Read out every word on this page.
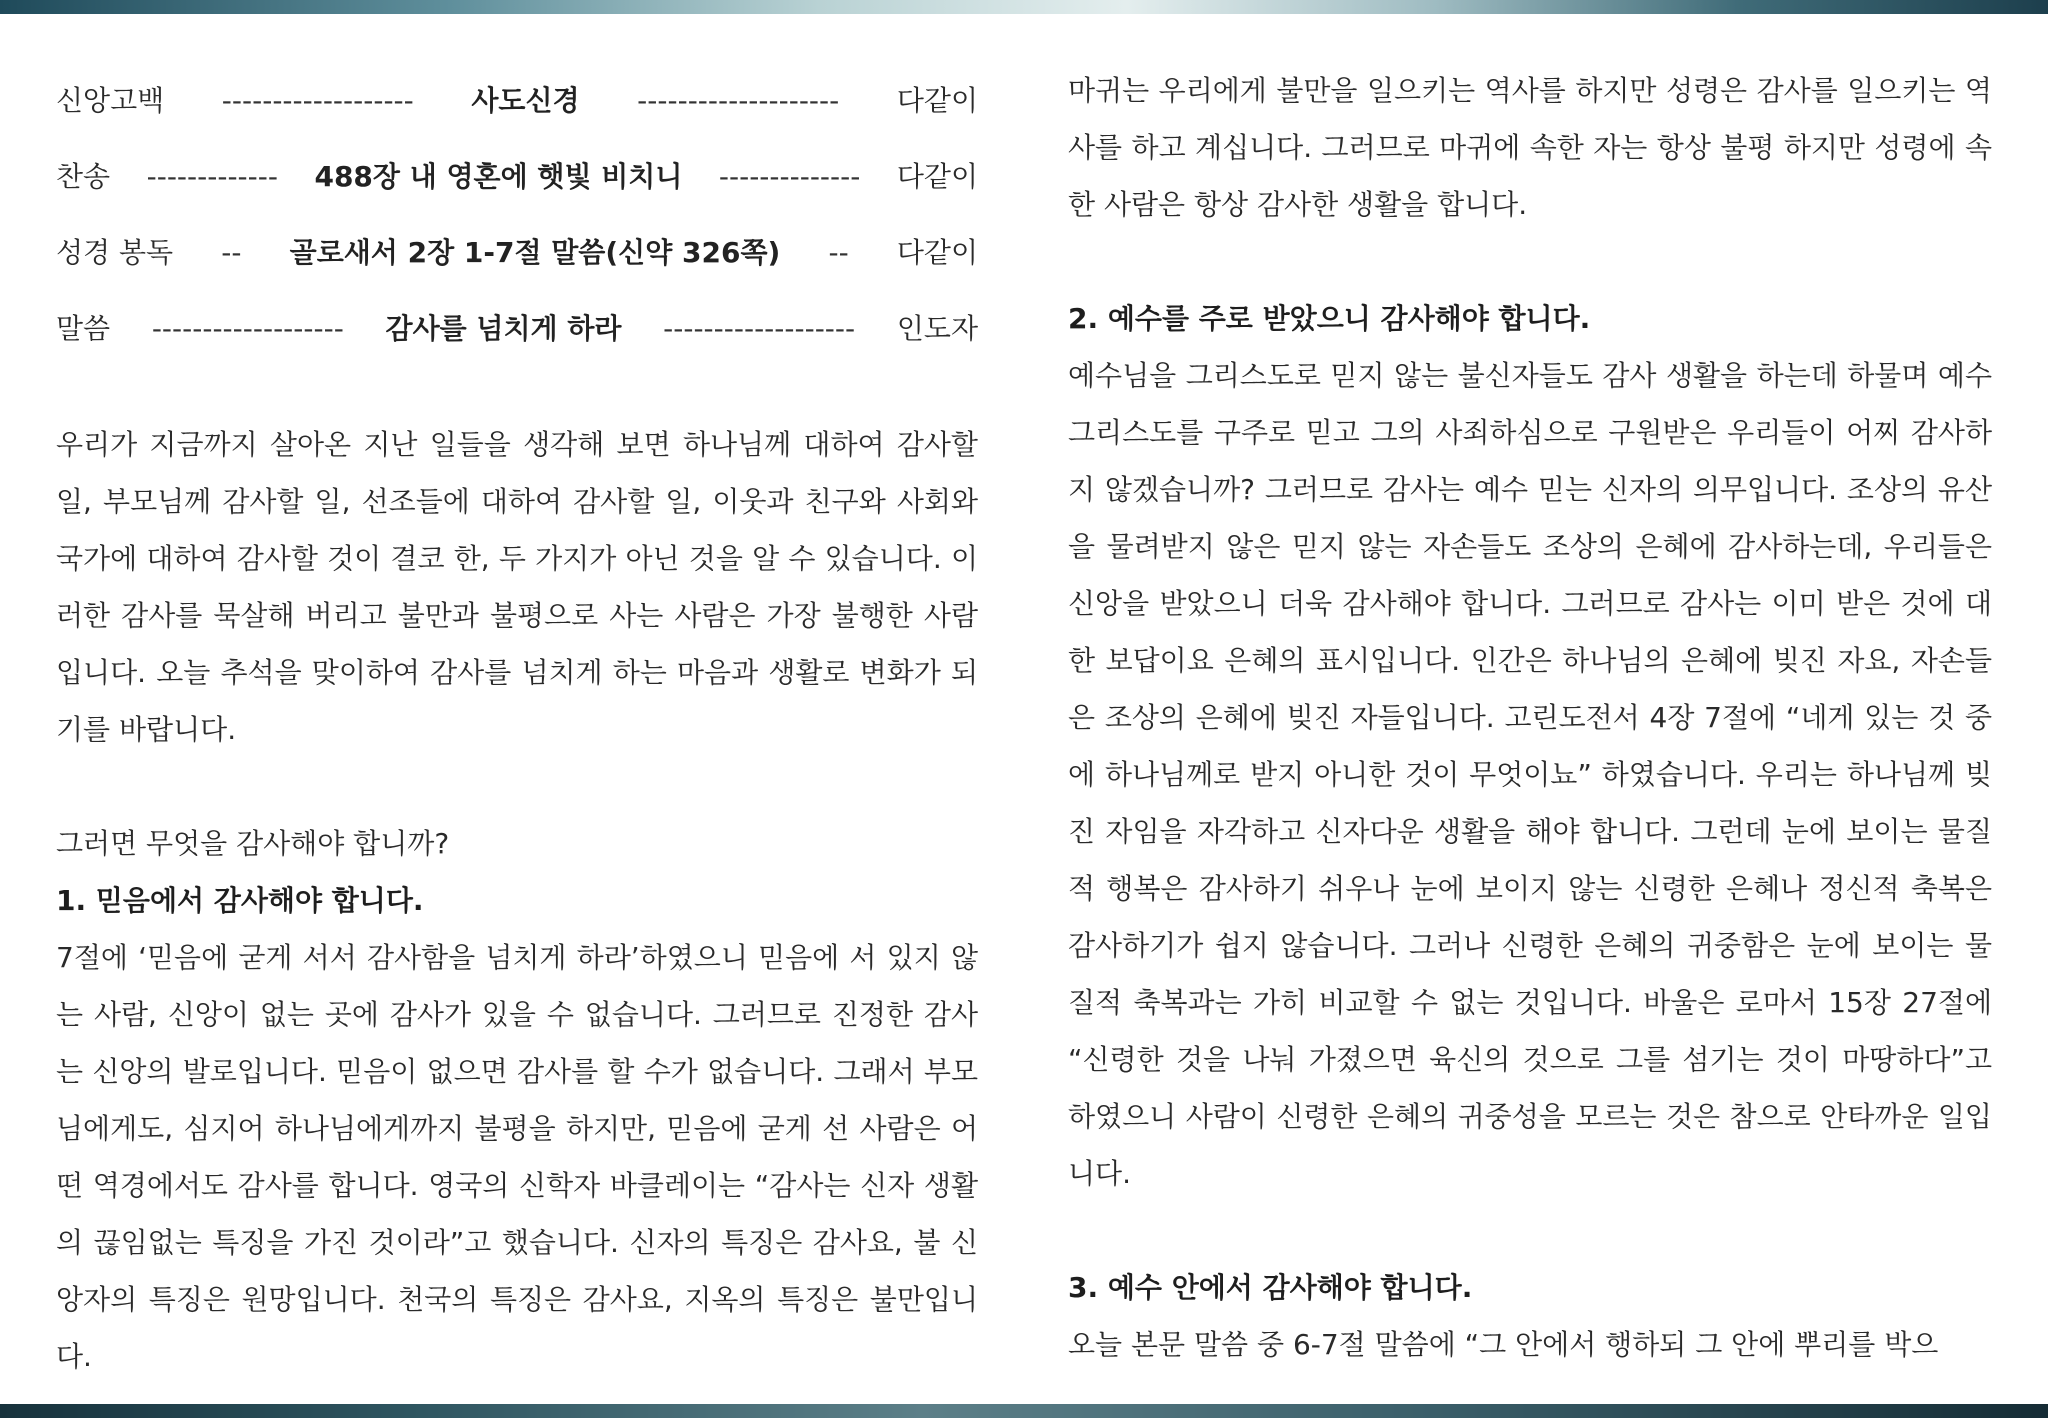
신앙고백	-------------------	사도신경	--------------------	다같이
찬송	-------------	488장 내 영혼에 햇빛 비치니	--------------	다같이
성경 봉독	--	골로새서 2장 1-7절 말씀(신약 326쪽)	--	다같이
말씀	-------------------	감사를 넘치게 하라	-------------------	인도자

우리가 지금까지 살아온 지난 일들을 생각해 보면 하나님께 대하여 감사할 일, 부모님께 감사할 일, 선조들에 대하여 감사할 일, 이웃과 친구와 사회와 국가에 대하여 감사할 것이 결코 한, 두 가지가 아닌 것을 알 수 있습니다. 이러한 감사를 묵살해 버리고 불만과 불평으로 사는 사람은 가장 불행한 사람입니다. 오늘 추석을 맞이하여 감사를 넘치게 하는 마음과 생활로 변화가 되기를 바랍니다.

그러면 무엇을 감사해야 합니까?

1. 믿음에서 감사해야 합니다.

7절에 ‘믿음에 굳게 서서 감사함을 넘치게 하라’하였으니 믿음에 서 있지 않는 사람, 신앙이 없는 곳에 감사가 있을 수 없습니다. 그러므로 진정한 감사는 신앙의 발로입니다. 믿음이 없으면 감사를 할 수가 없습니다. 그래서 부모님에게도, 심지어 하나님에게까지 불평을 하지만, 믿음에 굳게 선 사람은 어떤 역경에서도 감사를 합니다. 영국의 신학자 바클레이는 “감사는 신자 생활의 끊임없는 특징을 가진 것이라”고 했습니다. 신자의 특징은 감사요, 불 신앙자의 특징은 원망입니다. 천국의 특징은 감사요, 지옥의 특징은 불만입니다.

마귀는 우리에게 불만을 일으키는 역사를 하지만 성령은 감사를 일으키는 역사를 하고 계십니다. 그러므로 마귀에 속한 자는 항상 불평 하지만 성령에 속한 사람은 항상 감사한 생활을 합니다.

2. 예수를 주로 받았으니 감사해야 합니다.

예수님을 그리스도로 믿지 않는 불신자들도 감사 생활을 하는데 하물며 예수 그리스도를 구주로 믿고 그의 사죄하심으로 구원받은 우리들이 어찌 감사하지 않겠습니까? 그러므로 감사는 예수 믿는 신자의 의무입니다. 조상의 유산을 물려받지 않은 믿지 않는 자손들도 조상의 은혜에 감사하는데, 우리들은 신앙을 받았으니 더욱 감사해야 합니다. 그러므로 감사는 이미 받은 것에 대한 보답이요 은혜의 표시입니다. 인간은 하나님의 은혜에 빚진 자요, 자손들은 조상의 은혜에 빚진 자들입니다. 고린도전서 4장 7절에 “네게 있는 것 중에 하나님께로 받지 아니한 것이 무엇이뇨” 하였습니다. 우리는 하나님께 빚진 자임을 자각하고 신자다운 생활을 해야 합니다. 그런데 눈에 보이는 물질적 행복은 감사하기 쉬우나 눈에 보이지 않는 신령한 은혜나 정신적 축복은 감사하기가 쉽지 않습니다. 그러나 신령한 은혜의 귀중함은 눈에 보이는 물질적 축복과는 가히 비교할 수 없는 것입니다. 바울은 로마서 15장 27절에 “신령한 것을 나눠 가졌으면 육신의 것으로 그를 섬기는 것이 마땅하다”고 하였으니 사람이 신령한 은혜의 귀중성을 모르는 것은 참으로 안타까운 일입니다.

3. 예수 안에서 감사해야 합니다.

오늘 본문 말씀 중 6-7절 말씀에 “그 안에서 행하되 그 안에 뿌리를 박으
